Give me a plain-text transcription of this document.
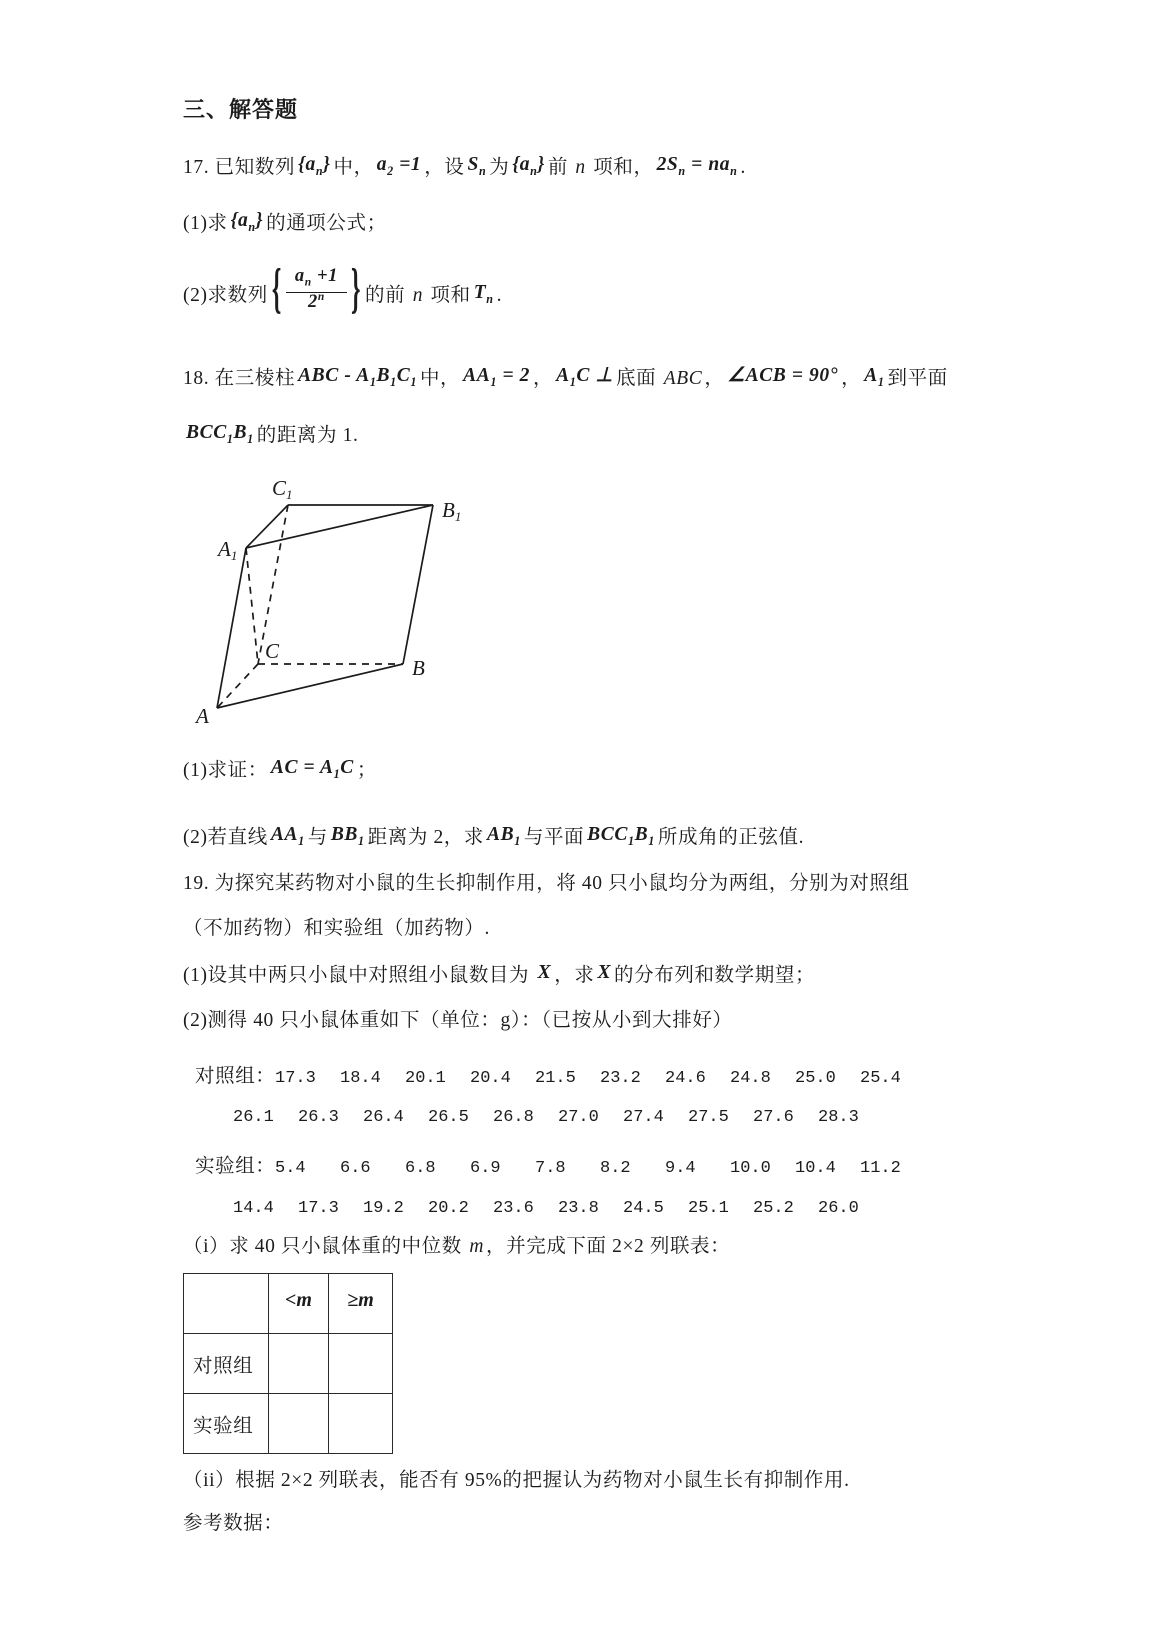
三、解答题
17. 已知数列 $\{a_n\}$ 中， $a_2 =1$ ，设 $S_n$ 为 $\{a_n\}$ 前 n 项和， $2S_n = na_n$ .
(1)求 $\{a_n\}$ 的通项公式；
(2)求数列 { $\frac{a_n +1}{2^n}$ } 的前 n 项和 $T_n$ .
18. 在三棱柱 ABC - $A_1B_1C_1$ 中， $AA_1 = 2$ ， $A_1C$ ⊥ 底面 ABC ， ∠ACB = 90° ， $A_1$ 到平面
$BCC_1B_1$ 的距离为 1.
C1
B1
A1
C
B
A
(1)求证： AC = $A_1C$ ；
(2)若直线 $AA_1$ 与 $BB_1$ 距离为 2，求 $AB_1$ 与平面 $BCC_1B_1$ 所成角的正弦值.
19. 为探究某药物对小鼠的生长抑制作用，将 40 只小鼠均分为两组，分别为对照组
（不加药物）和实验组（加药物）.
(1)设其中两只小鼠中对照组小鼠数目为 X ，求 X 的分布列和数学期望；
(2)测得 40 只小鼠体重如下（单位：g）：（已按从小到大排好）
对照组： 17.3 18.4 20.1 20.4 21.5 23.2 24.6 24.8 25.0 25.4
26.1 26.3 26.4 26.5 26.8 27.0 27.4 27.5 27.6 28.3
实验组： 5.4	6.6	6.8	6.9	7.8	8.2	9.4	10.0 10.4 11.2
14.4 17.3 19.2 20.2 23.6 23.8 24.5 25.1 25.2 26.0
（i）求 40 只小鼠体重的中位数 m ，并完成下面 2×2 列联表：
	<m	≥m
对照组		
实验组		
（ii）根据 2×2 列联表，能否有 95%的把握认为药物对小鼠生长有抑制作用.
参考数据：
